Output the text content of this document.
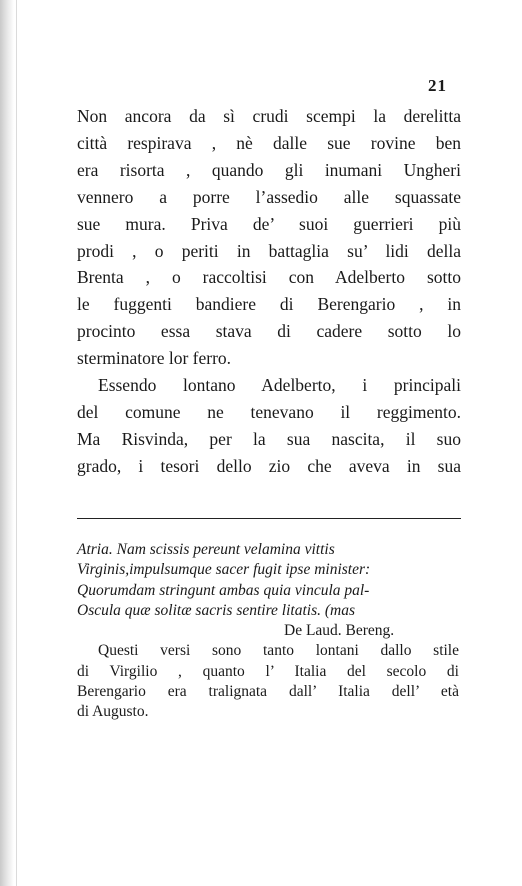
21
Non ancora da sì crudi scempi la derelitta
città respirava , nè dalle sue rovine ben
era risorta , quando gli inumani Ungheri
vennero a porre l’assedio alle squassate
sue mura. Priva de’ suoi guerrieri più
prodi , o periti in battaglia su’ lidi della
Brenta , o raccoltisi con Adelberto sotto
le fuggenti bandiere di Berengario , in
procinto essa stava di cadere sotto lo
sterminatore lor ferro.
Essendo lontano Adelberto, i principali
del comune ne tenevano il reggimento.
Ma Risvinda, per la sua nascita, il suo
grado, i tesori dello zio che aveva in sua
Atria. Nam scissis pereunt velamina vittis
Virginis,impulsumque sacer fugit ipse minister:
Quorumdam stringunt ambas quia vincula pal-
Oscula quæ solitæ sacris sentire litatis. (mas
De Laud. Bereng.
Questi versi sono tanto lontani dallo stile
di Virgilio , quanto l’ Italia del secolo di
Berengario era tralignata dall’ Italia dell’ età
di Augusto.
